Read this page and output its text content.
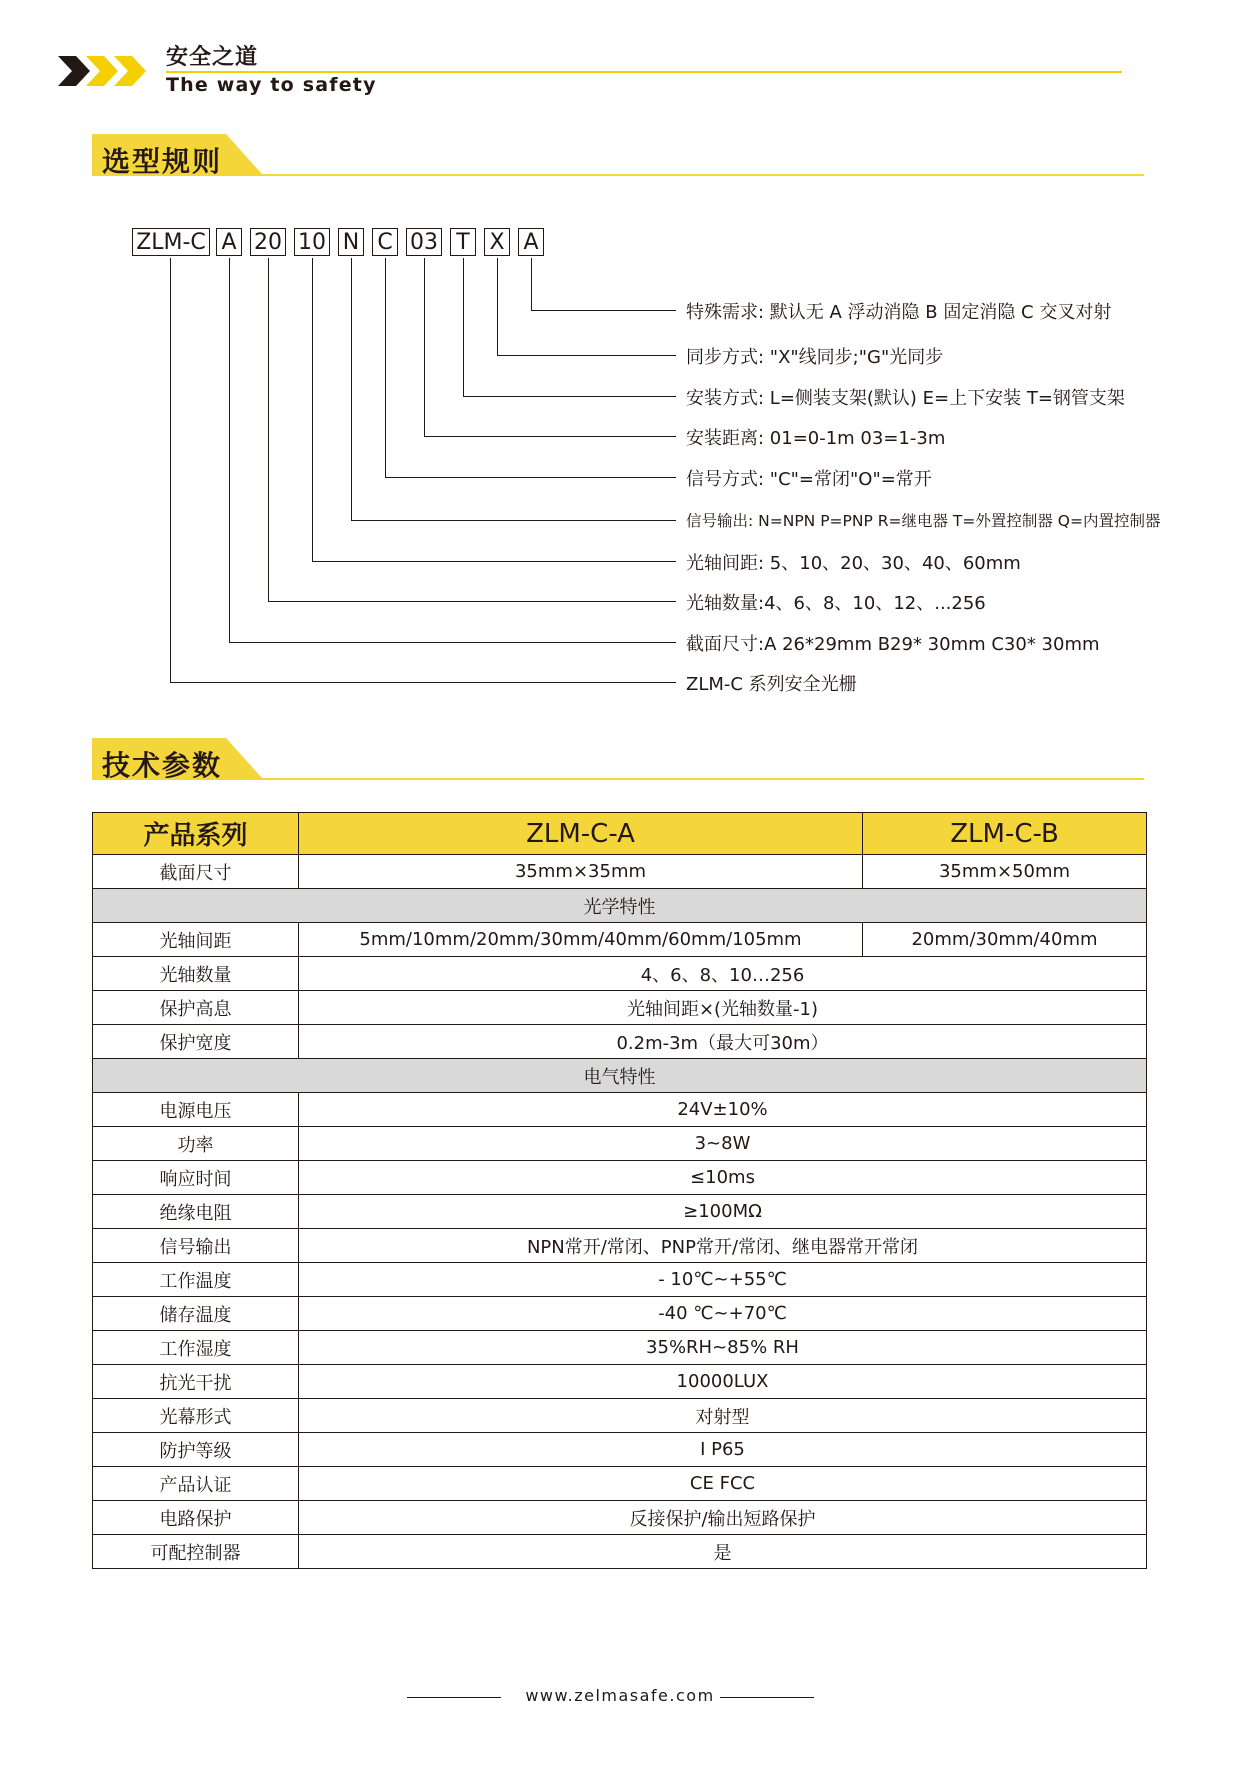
安全之道
The way to safety
选型规则
ZLM-C A 20 10 N C 03 T X A
特殊需求: 默认无 A 浮动消隐 B 固定消隐 C 交叉对射
同步方式: "X"线同步;"G"光同步
安装方式: L=侧装支架(默认) E=上下安装 T=钢管支架
安装距离: 01=0-1m 03=1-3m
信号方式: "C"=常闭"O"=常开
信号输出: N=NPN P=PNP R=继电器 T=外置控制器 Q=内置控制器
光轴间距: 5、10、20、30、40、60mm
光轴数量:4、6、8、10、12、...256
截面尺寸:A 26*29mm B29* 30mm C30* 30mm
ZLM-C 系列安全光栅
技术参数
产品系列	ZLM-C-A	ZLM-C-B
截面尺寸	35mm×35mm	35mm×50mm
光学特性		
光轴间距	5mm/10mm/20mm/30mm/40mm/60mm/105mm	20mm/30mm/40mm
光轴数量	4、6、8、10…256	
保护高息	光轴间距×(光轴数量-1)	
保护宽度	0.2m-3m（最大可30m）	
电气特性		
电源电压	24V±10%	
功率	3~8W	
响应时间	≤10ms	
绝缘电阻	≥100MΩ	
信号输出	NPN常开/常闭、PNP常开/常闭、继电器常开常闭	
工作温度	- 10℃~+55℃	
储存温度	-40 ℃~+70℃	
工作湿度	35%RH~85% RH	
抗光干扰	10000LUX	
光幕形式	对射型	
防护等级	I P65	
产品认证	CE FCC	
电路保护	反接保护/输出短路保护	
可配控制器	是	
www.zelmasafe.com
